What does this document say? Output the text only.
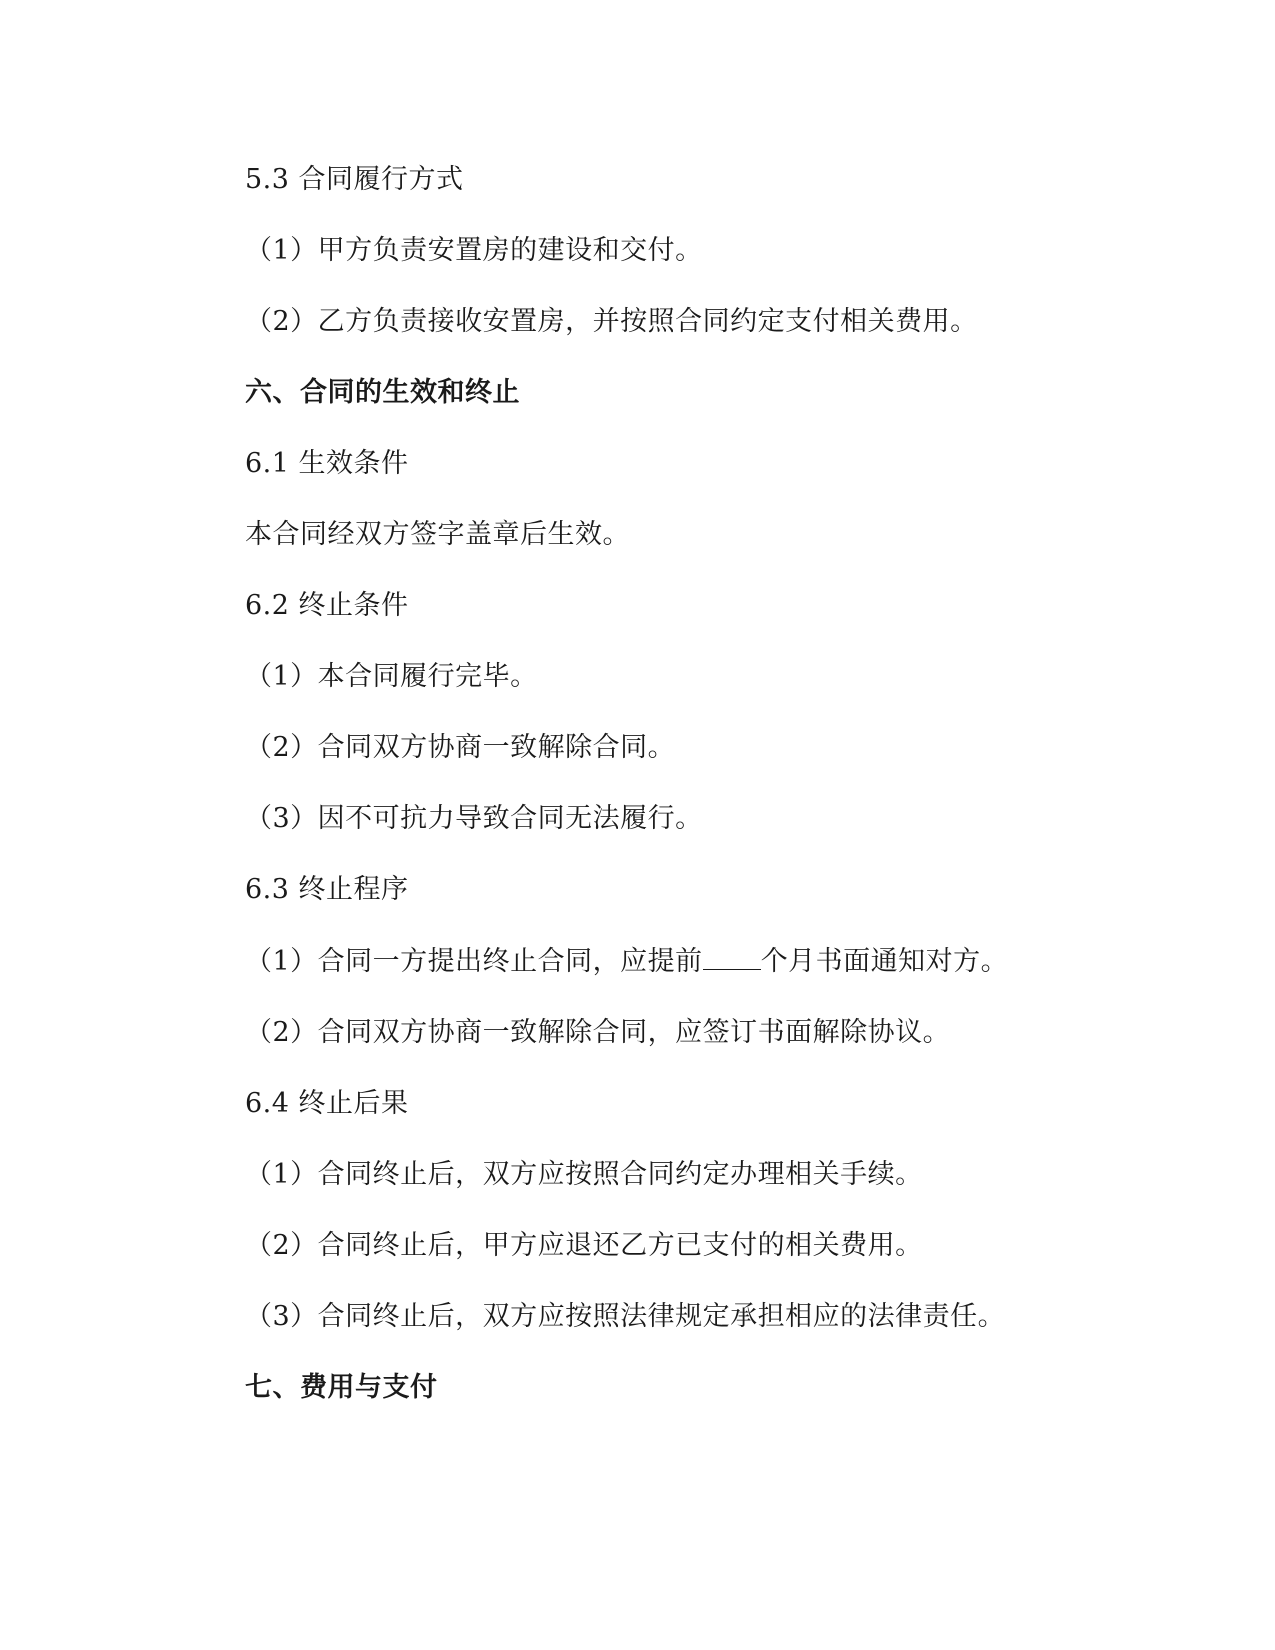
5.3 合同履行方式
（1）甲方负责安置房的建设和交付。
（2）乙方负责接收安置房，并按照合同约定支付相关费用。
六、合同的生效和终止
6.1 生效条件
本合同经双方签字盖章后生效。
6.2 终止条件
（1）本合同履行完毕。
（2）合同双方协商一致解除合同。
（3）因不可抗力导致合同无法履行。
6.3 终止程序
（1）合同一方提出终止合同，应提前 个月书面通知对方。
（2）合同双方协商一致解除合同，应签订书面解除协议。
6.4 终止后果
（1）合同终止后，双方应按照合同约定办理相关手续。
（2）合同终止后，甲方应退还乙方已支付的相关费用。
（3）合同终止后，双方应按照法律规定承担相应的法律责任。
七、费用与支付
